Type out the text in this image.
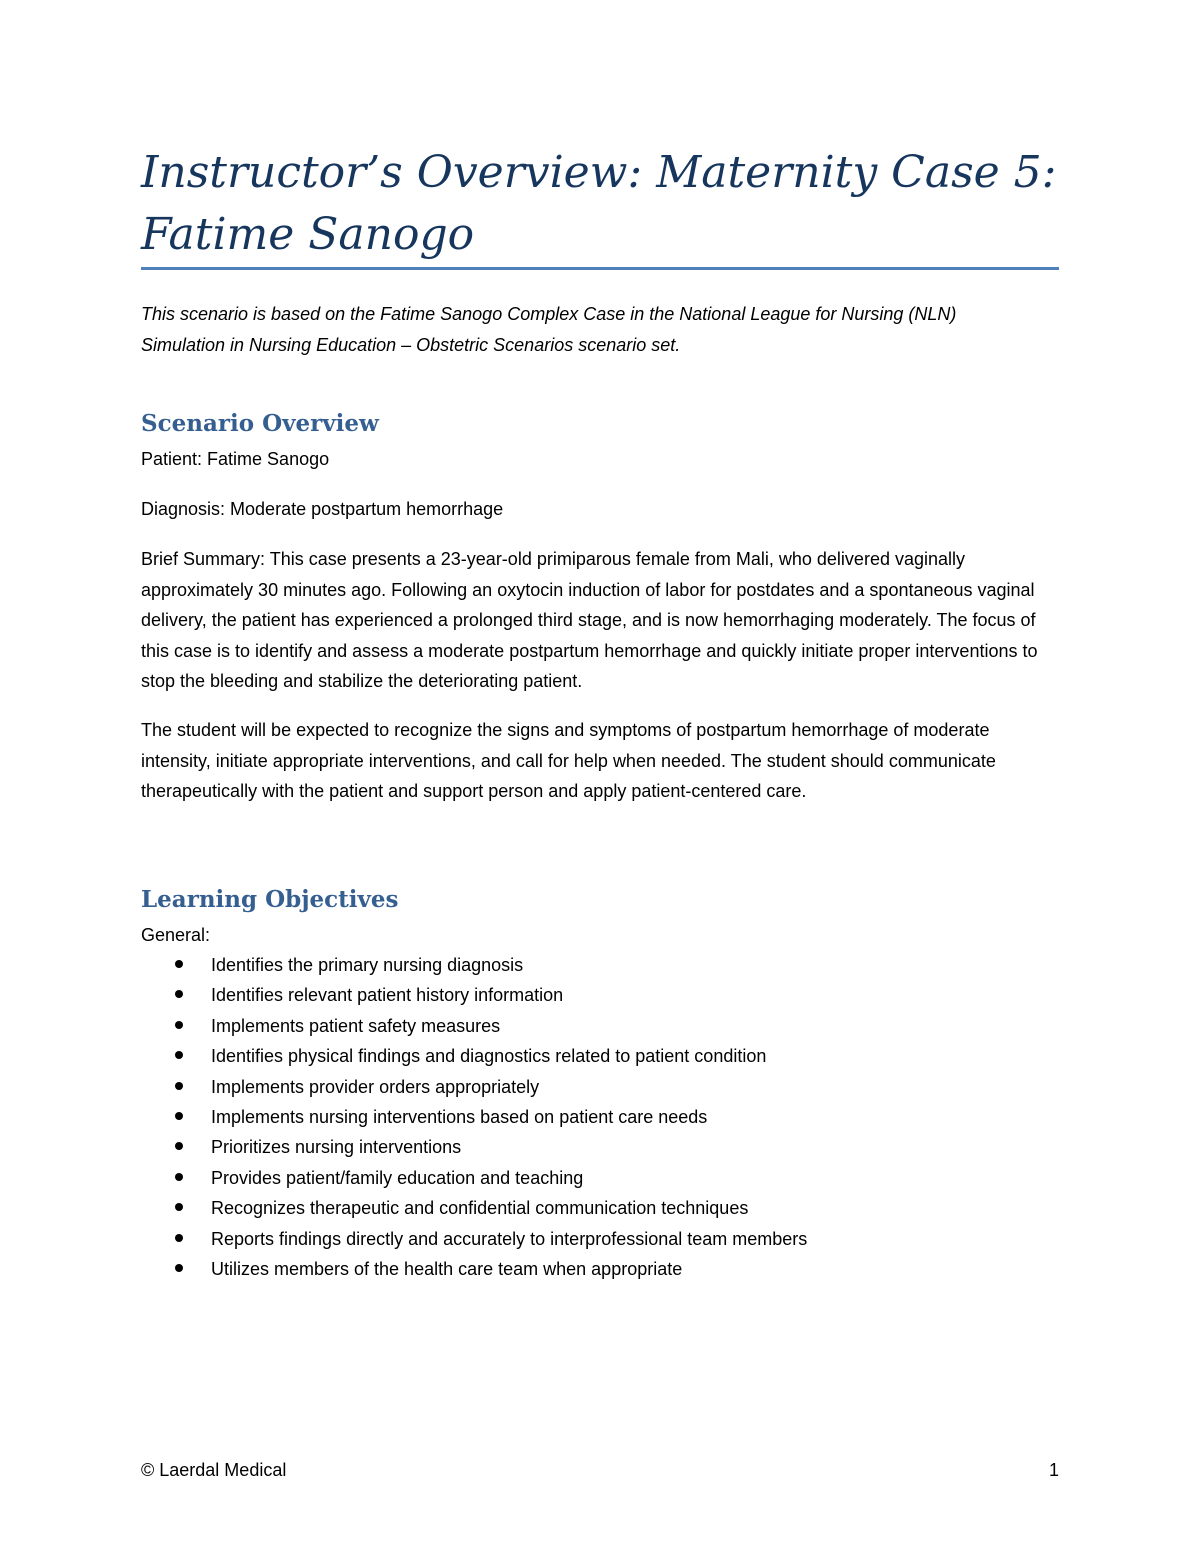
Instructor’s Overview: Maternity Case 5: Fatime Sanogo

This scenario is based on the Fatime Sanogo Complex Case in the National League for Nursing (NLN) Simulation in Nursing Education – Obstetric Scenarios scenario set.

Scenario Overview

Patient: Fatime Sanogo

Diagnosis: Moderate postpartum hemorrhage

Brief Summary: This case presents a 23-year-old primiparous female from Mali, who delivered vaginally approximately 30 minutes ago. Following an oxytocin induction of labor for postdates and a spontaneous vaginal delivery, the patient has experienced a prolonged third stage, and is now hemorrhaging moderately. The focus of this case is to identify and assess a moderate postpartum hemorrhage and quickly initiate proper interventions to stop the bleeding and stabilize the deteriorating patient.

The student will be expected to recognize the signs and symptoms of postpartum hemorrhage of moderate intensity, initiate appropriate interventions, and call for help when needed. The student should communicate therapeutically with the patient and support person and apply patient-centered care.

Learning Objectives

General:

Identifies the primary nursing diagnosis
Identifies relevant patient history information
Implements patient safety measures
Identifies physical findings and diagnostics related to patient condition
Implements provider orders appropriately
Implements nursing interventions based on patient care needs
Prioritizes nursing interventions
Provides patient/family education and teaching
Recognizes therapeutic and confidential communication techniques
Reports findings directly and accurately to interprofessional team members
Utilizes members of the health care team when appropriate
© Laerdal Medical	1
